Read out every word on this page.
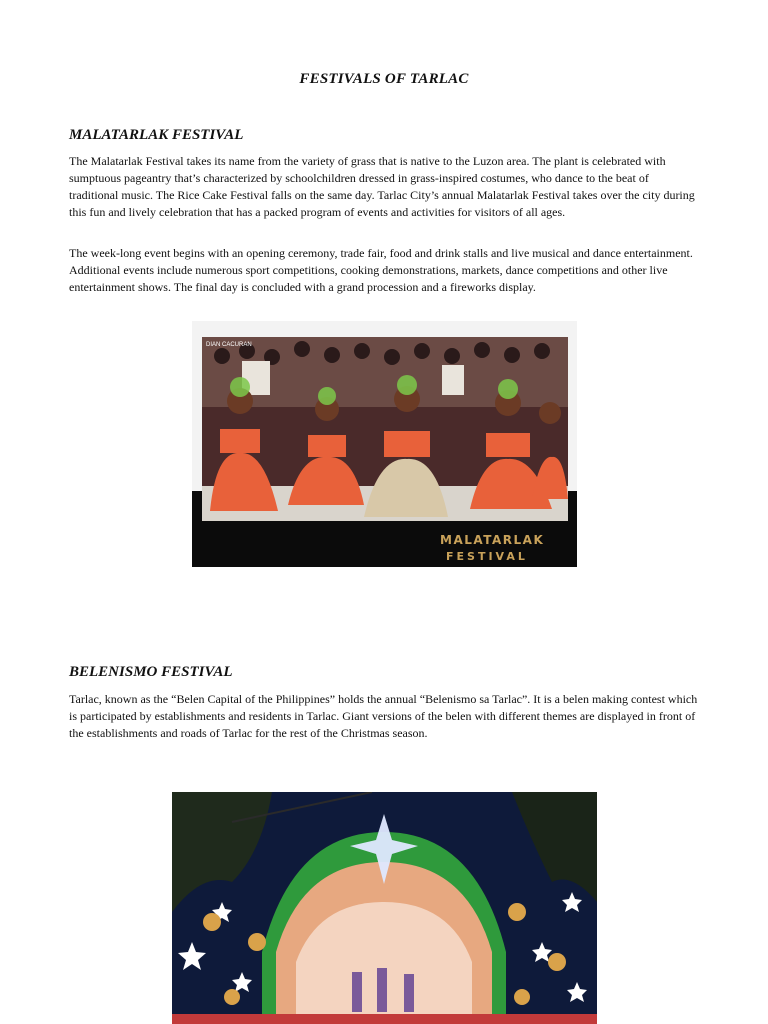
FESTIVALS OF TARLAC
MALATARLAK FESTIVAL

The Malatarlak Festival takes its name from the variety of grass that is native to the Luzon area. The plant is celebrated with sumptuous pageantry that’s characterized by schoolchildren dressed in grass-inspired costumes, who dance to the beat of traditional music. The Rice Cake Festival falls on the same day. Tarlac City’s annual Malatarlak Festival takes over the city during this fun and lively celebration that has a packed program of events and activities for visitors of all ages.

The week-long event begins with an opening ceremony, trade fair, food and drink stalls and live musical and dance entertainment. Additional events include numerous sport competitions, cooking demonstrations, markets, dance competitions and other live entertainment shows. The final day is concluded with a grand procession and a fireworks display.

DIAN CACURAN
MALATARLAK
FESTIVAL
BELENISMO FESTIVAL

Tarlac, known as the “Belen Capital of the Philippines” holds the annual “Belenismo sa Tarlac”. It is a belen making contest which is participated by establishments and residents in Tarlac. Giant versions of the belen with different themes are displayed in front of the establishments and roads of Tarlac for the rest of the Christmas season.
